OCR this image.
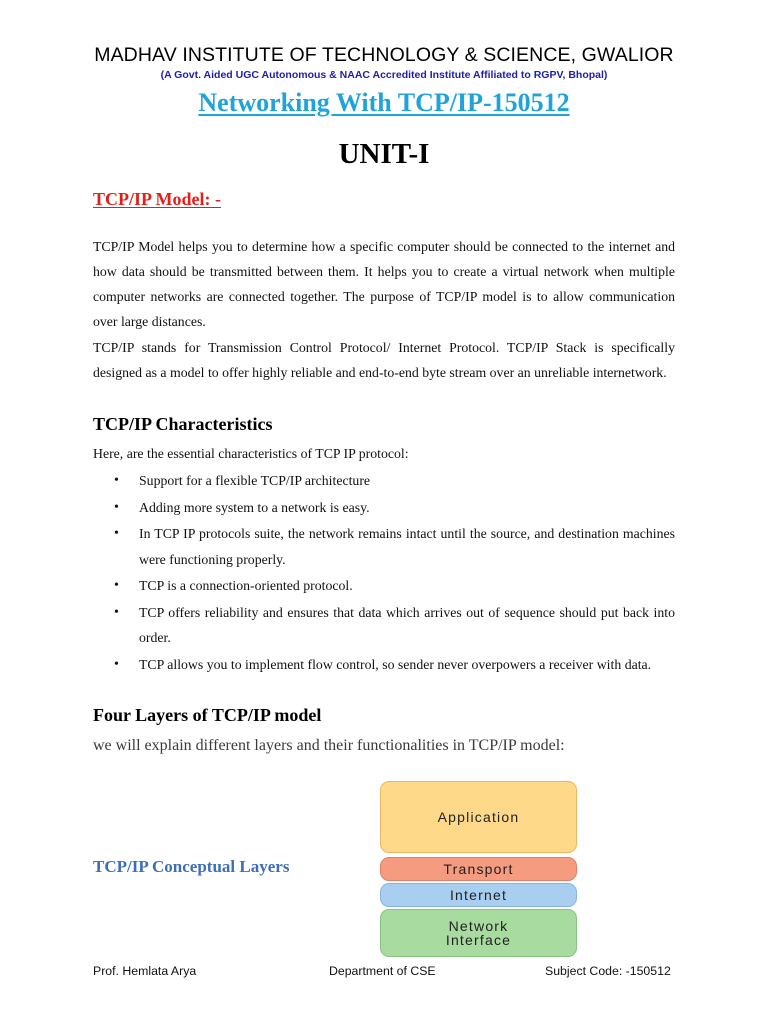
MADHAV INSTITUTE OF TECHNOLOGY & SCIENCE, GWALIOR
(A Govt. Aided UGC Autonomous & NAAC Accredited Institute Affiliated to RGPV, Bhopal)
Networking With TCP/IP-150512
UNIT-I
TCP/IP Model: -

TCP/IP Model helps you to determine how a specific computer should be connected to the internet and how data should be transmitted between them. It helps you to create a virtual network when multiple computer networks are connected together. The purpose of TCP/IP model is to allow communication over large distances.

TCP/IP stands for Transmission Control Protocol/ Internet Protocol. TCP/IP Stack is specifically designed as a model to offer highly reliable and end-to-end byte stream over an unreliable internetwork.

TCP/IP Characteristics
Here, are the essential characteristics of TCP IP protocol:
• Support for a flexible TCP/IP architecture
• Adding more system to a network is easy.
• In TCP IP protocols suite, the network remains intact until the source, and destination machines were functioning properly.
• TCP is a connection-oriented protocol.
• TCP offers reliability and ensures that data which arrives out of sequence should put back into order.
• TCP allows you to implement flow control, so sender never overpowers a receiver with data.
Four Layers of TCP/IP model
we will explain different layers and their functionalities in TCP/IP model:
TCP/IP Conceptual Layers
Application
Transport
Internet
Network
Interface
Prof. Hemlata Arya	Department of CSE	Subject Code: -150512
